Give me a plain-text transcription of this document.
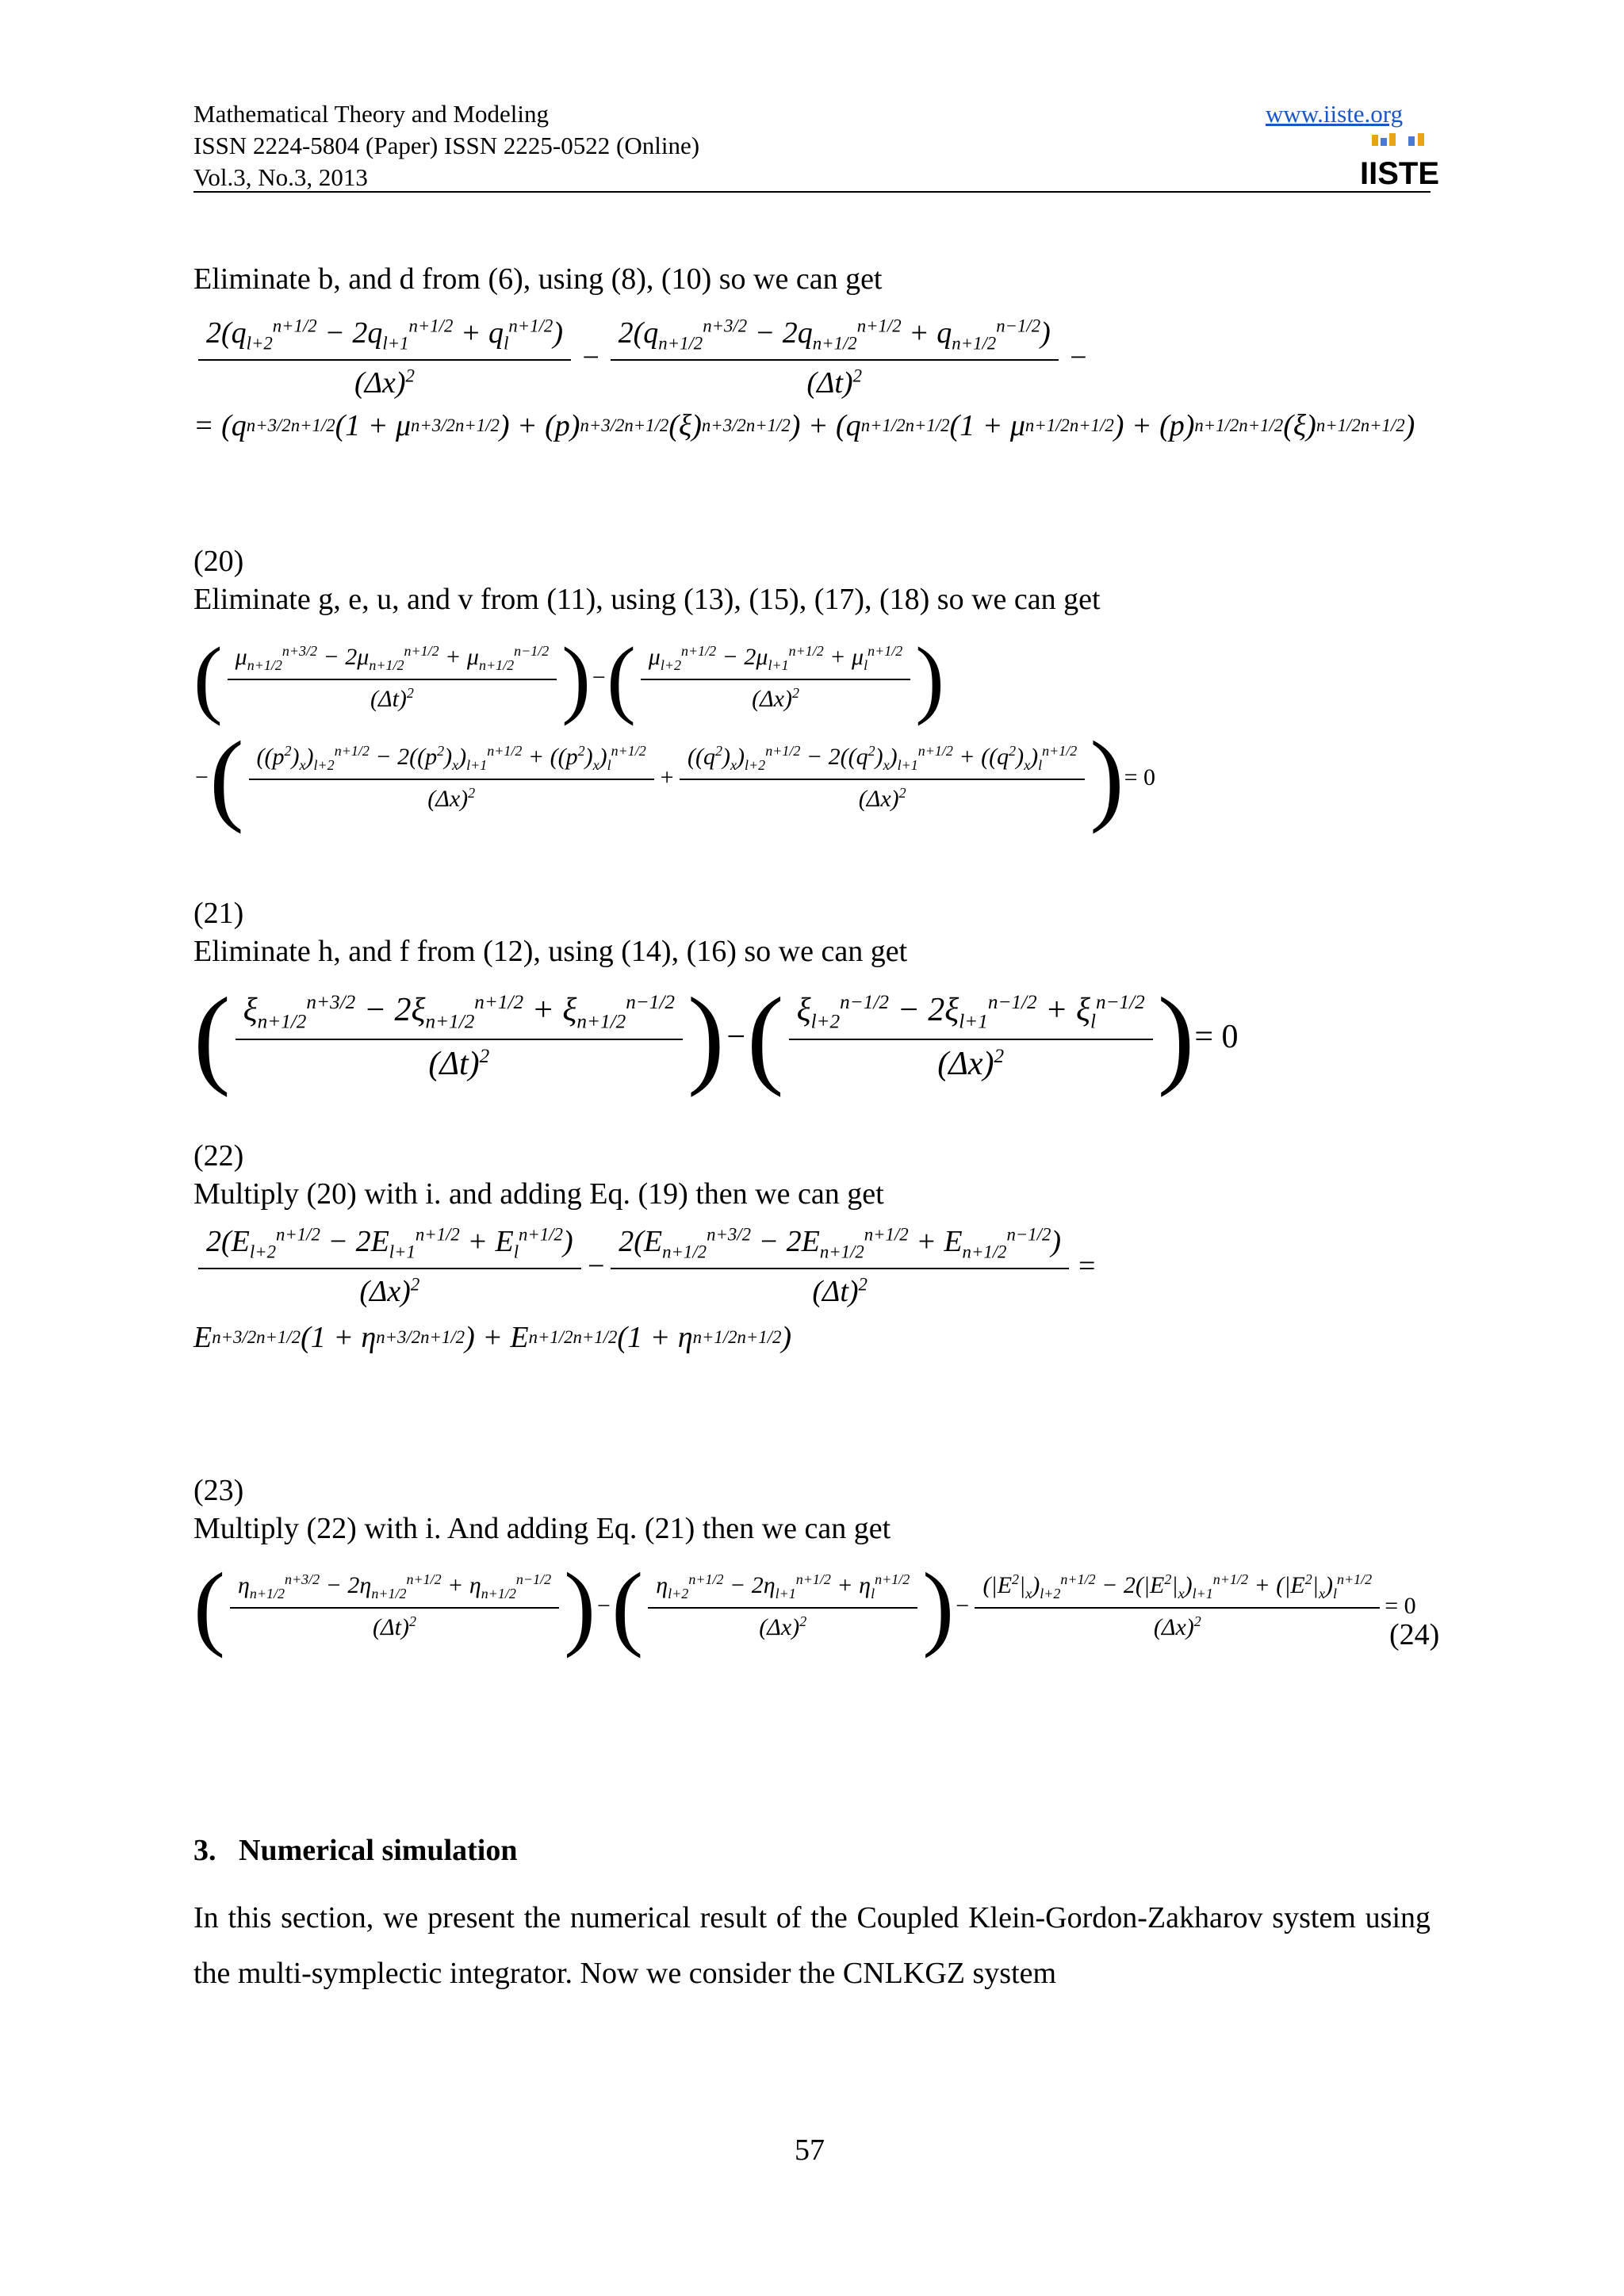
Mathematical Theory and Modeling
ISSN 2224-5804 (Paper) ISSN 2225-0522 (Online)
Vol.3, No.3, 2013
www.iiste.org
IISTE
Eliminate b, and d from (6), using (8), (10) so we can get
$\frac{2(q_{l+2}^{n+1/2} - 2q_{l+1}^{n+1/2} + q_l^{n+1/2})}{(\Delta x)^2} - \frac{2(q_{n+1/2}^{n+3/2} - 2q_{n+1/2}^{n+1/2} + q_{n+1/2}^{n-1/2})}{(\Delta t)^2}$ −
= (q n+3/2 n+1/2 (1 + μ n+3/2 n+1/2 ) + (p) n+3/2 n+1/2 (ξ) n+3/2 n+1/2 ) + (q n+1/2 n+1/2 (1 + μ n+1/2 n+1/2 ) + (p) n+1/2 n+1/2 (ξ) n+1/2 n+1/2 )
(20)
Eliminate g, e, u, and v from (11), using (13), (15), (17), (18) so we can get
( $\frac{\mu_{n+1/2}^{n+3/2} - 2\mu_{n+1/2}^{n+1/2} + \mu_{n+1/2}^{n-1/2}}{(\Delta t)^2}$ ) − ( $\frac{\mu_{l+2}^{n+1/2} - 2\mu_{l+1}^{n+1/2} + \mu_l^{n+1/2}}{(\Delta x)^2}$ )
− ( $\frac{((p^2)_x)_{l+2}^{n+1/2} - 2((p^2)_x)_{l+1}^{n+1/2} + ((p^2)_x)_l^{n+1/2}}{(\Delta x)^2} + \frac{((q^2)_x)_{l+2}^{n+1/2} - 2((q^2)_x)_{l+1}^{n+1/2} + ((q^2)_x)_l^{n+1/2}}{(\Delta x)^2}$ ) = 0
(21)
Eliminate h, and f from (12), using (14), (16) so we can get
( $\frac{\xi_{n+1/2}^{n+3/2} - 2\xi_{n+1/2}^{n+1/2} + \xi_{n+1/2}^{n-1/2}}{(\Delta t)^2}$ ) − ( $\frac{\xi_{l+2}^{n-1/2} - 2\xi_{l+1}^{n-1/2} + \xi_l^{n-1/2}}{(\Delta x)^2}$ ) = 0
(22)
Multiply (20) with i. and adding Eq. (19) then we can get
$\frac{2(E_{l+2}^{n+1/2} - 2E_{l+1}^{n+1/2} + E_l^{n+1/2})}{(\Delta x)^2} - \frac{2(E_{n+1/2}^{n+3/2} - 2E_{n+1/2}^{n+1/2} + E_{n+1/2}^{n-1/2})}{(\Delta t)^2}$ =
E n+3/2 n+1/2 (1 + η n+3/2 n+1/2 ) + E n+1/2 n+1/2 (1 + η n+1/2 n+1/2 )
(23)
Multiply (22) with i. And adding Eq. (21) then we can get
( $\frac{\eta_{n+1/2}^{n+3/2} - 2\eta_{n+1/2}^{n+1/2} + \eta_{n+1/2}^{n-1/2}}{(\Delta t)^2}$ ) − ( $\frac{\eta_{l+2}^{n+1/2} - 2\eta_{l+1}^{n+1/2} + \eta_l^{n+1/2}}{(\Delta x)^2}$ ) − $\frac{(|E^2|_x)_{l+2}^{n+1/2} - 2(|E^2|_x)_{l+1}^{n+1/2} + (|E^2|_x)_l^{n+1/2}}{(\Delta x)^2} = 0$
(24)
3.   Numerical simulation
In this section, we present the numerical result of the Coupled Klein-Gordon-Zakharov system using the multi-symplectic integrator. Now we consider the CNLKGZ system
57
